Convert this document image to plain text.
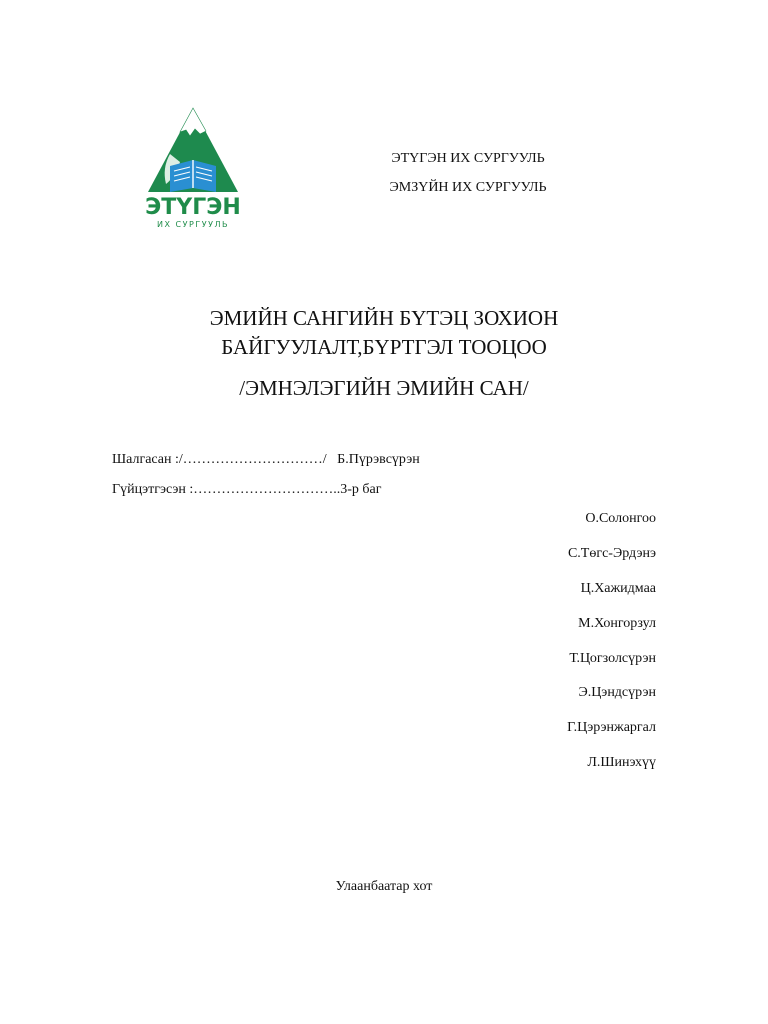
ЭТҮГЭН
ИХ СУРГУУЛЬ
ЭТҮГЭН ИХ СУРГУУЛЬ
ЭМЗҮЙН ИХ СУРГУУЛЬ
ЭМИЙН САНГИЙН БҮТЭЦ ЗОХИОН
БАЙГУУЛАЛТ,БҮРТГЭЛ ТООЦОО
/ЭМНЭЛЭГИЙН ЭМИЙН САН/
Шалгасан :/…………………………/ Б.Пүрэвсүрэн
Гүйцэтгэсэн :…………………………..3-р баг
О.Солонгоо
С.Төгс-Эрдэнэ
Ц.Хажидмаа
М.Хонгорзул
Т.Цогзолсүрэн
Э.Цэндсүрэн
Г.Цэрэнжаргал
Л.Шинэхүү
Улаанбаатар хот
